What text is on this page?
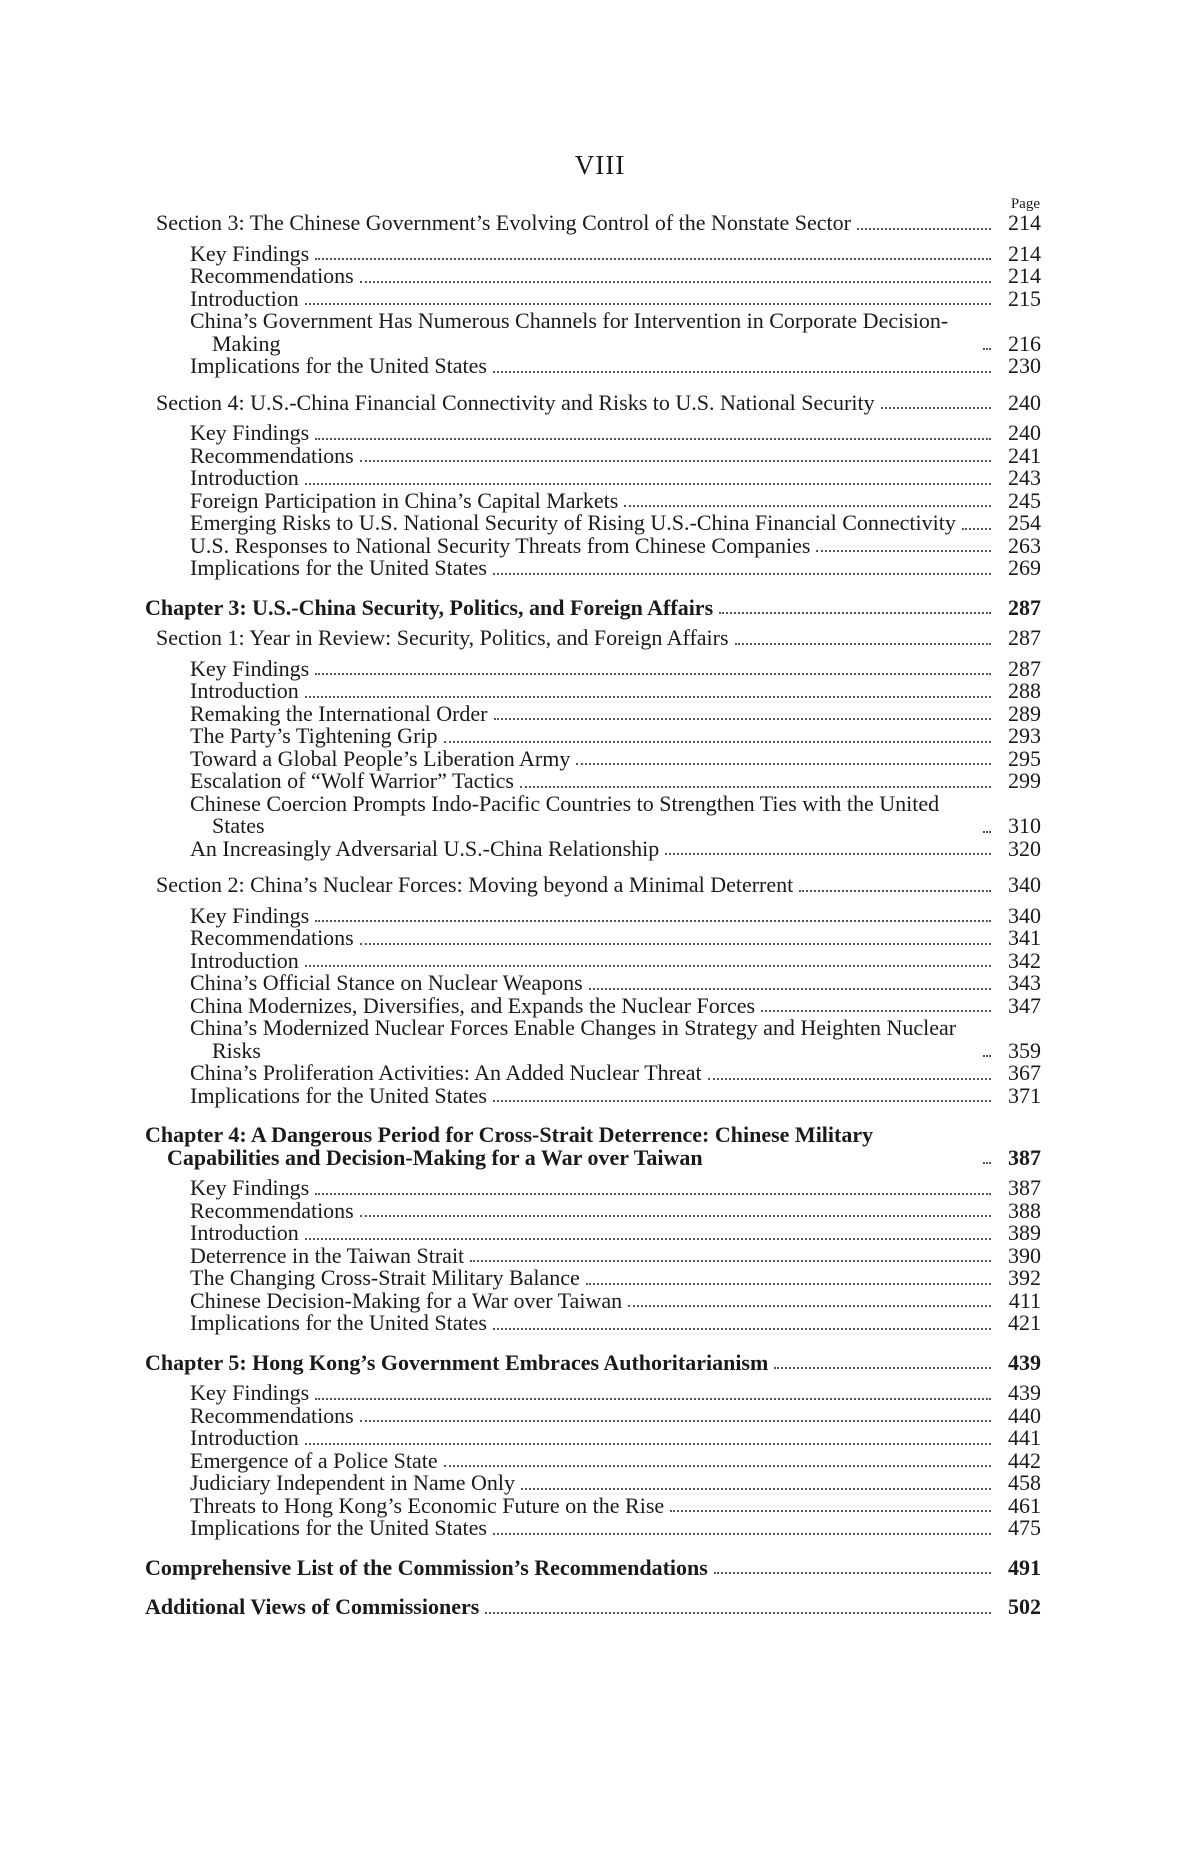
VIII
Page
Section 3: The Chinese Government’s Evolving Control of the Nonstate Sector	214
Key Findings	214
Recommendations	214
Introduction	215
China’s Government Has Numerous Channels for Intervention in Corporate Decision-Making	216
Implications for the United States	230
Section 4: U.S.-China Financial Connectivity and Risks to U.S. National Security	240
Key Findings	240
Recommendations	241
Introduction	243
Foreign Participation in China’s Capital Markets	245
Emerging Risks to U.S. National Security of Rising U.S.-China Financial Connectivity	254
U.S. Responses to National Security Threats from Chinese Companies	263
Implications for the United States	269
Chapter 3: U.S.-China Security, Politics, and Foreign Affairs	287
Section 1: Year in Review: Security, Politics, and Foreign Affairs	287
Key Findings	287
Introduction	288
Remaking the International Order	289
The Party’s Tightening Grip	293
Toward a Global People’s Liberation Army	295
Escalation of “Wolf Warrior” Tactics	299
Chinese Coercion Prompts Indo-Pacific Countries to Strengthen Ties with the United States	310
An Increasingly Adversarial U.S.-China Relationship	320
Section 2: China’s Nuclear Forces: Moving beyond a Minimal Deterrent	340
Key Findings	340
Recommendations	341
Introduction	342
China’s Official Stance on Nuclear Weapons	343
China Modernizes, Diversifies, and Expands the Nuclear Forces	347
China’s Modernized Nuclear Forces Enable Changes in Strategy and Heighten Nuclear Risks	359
China’s Proliferation Activities: An Added Nuclear Threat	367
Implications for the United States	371
Chapter 4: A Dangerous Period for Cross-Strait Deterrence: Chinese Military Capabilities and Decision-Making for a War over Taiwan	387
Key Findings	387
Recommendations	388
Introduction	389
Deterrence in the Taiwan Strait	390
The Changing Cross-Strait Military Balance	392
Chinese Decision-Making for a War over Taiwan	411
Implications for the United States	421
Chapter 5: Hong Kong’s Government Embraces Authoritarianism	439
Key Findings	439
Recommendations	440
Introduction	441
Emergence of a Police State	442
Judiciary Independent in Name Only	458
Threats to Hong Kong’s Economic Future on the Rise	461
Implications for the United States	475
Comprehensive List of the Commission’s Recommendations	491
Additional Views of Commissioners	502
